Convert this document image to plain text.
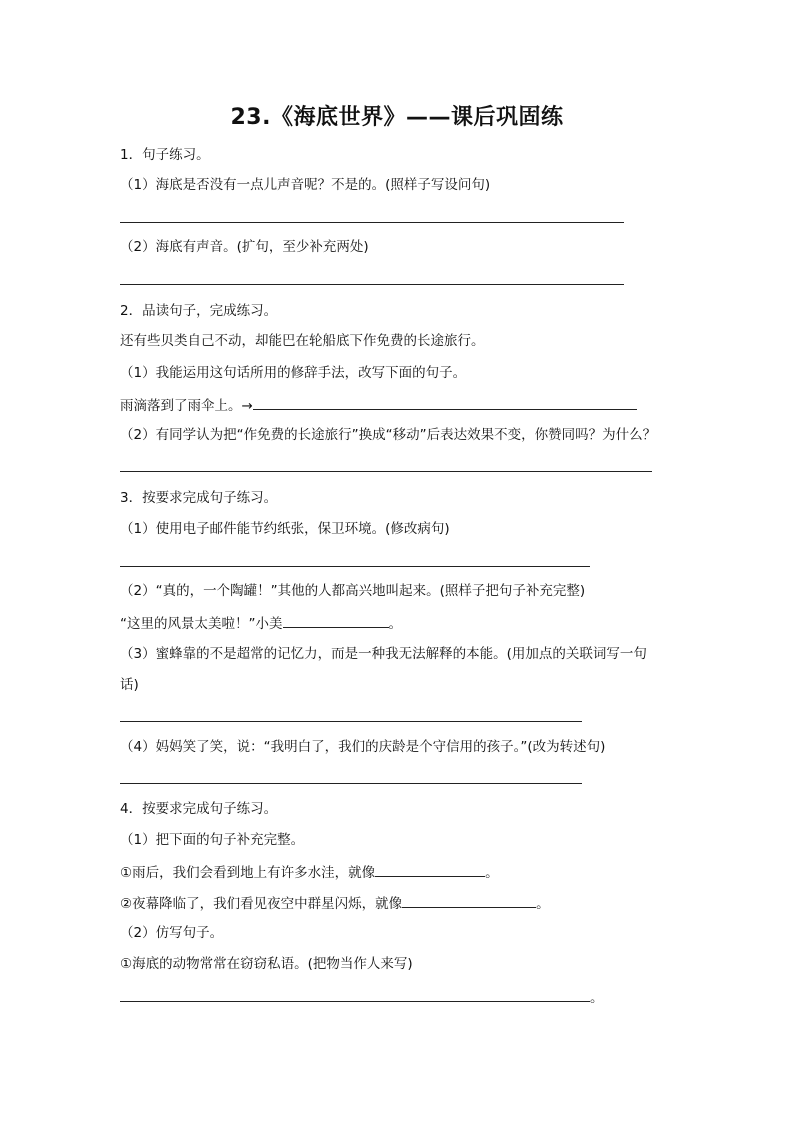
23.《海底世界》——课后巩固练
1．句子练习。
（1）海底是否没有一点儿声音呢？不是的。(照样子写设问句)
（2）海底有声音。(扩句，至少补充两处)
2．品读句子，完成练习。
还有些贝类自己不动，却能巴在轮船底下作免费的长途旅行。
（1）我能运用这句话所用的修辞手法，改写下面的句子。
雨滴落到了雨伞上。→
（2）有同学认为把“作免费的长途旅行”换成“移动”后表达效果不变，你赞同吗？为什么？
3．按要求完成句子练习。
（1）使用电子邮件能节约纸张，保卫环境。(修改病句)
（2）“真的，一个陶罐！”其他的人都高兴地叫起来。(照样子把句子补充完整)
“这里的风景太美啦！”小美	。
（3）蜜蜂靠的不是超常的记忆力，而是一种我无法解释的本能。(用加点的关联词写一句
话)
（4）妈妈笑了笑，说：“我明白了，我们的庆龄是个守信用的孩子。”(改为转述句)
4．按要求完成句子练习。
（1）把下面的句子补充完整。
①雨后，我们会看到地上有许多水洼，就像	。
②夜幕降临了，我们看见夜空中群星闪烁，就像	。
（2）仿写句子。
①海底的动物常常在窃窃私语。(把物当作人来写)
。
